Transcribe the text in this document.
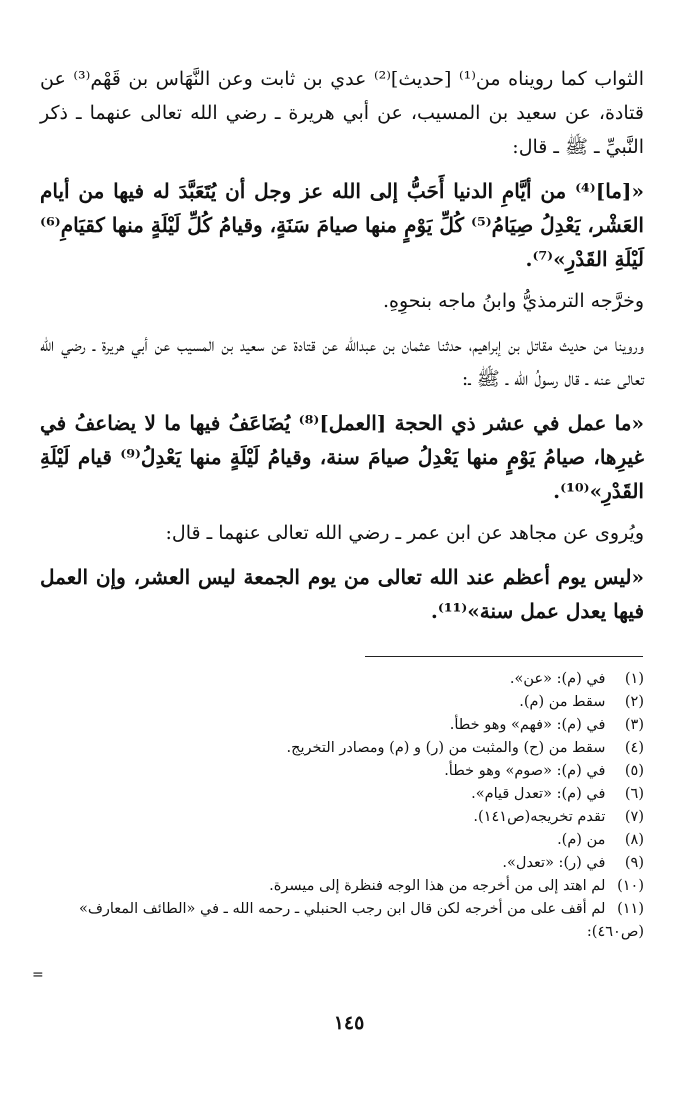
الثواب كما رويناه من⁽¹⁾ [حديث]⁽²⁾ عدي بن ثابت وعن النَّهَاس بن قَهْم⁽³⁾ عن قتادة، عن سعيد بن المسيب، عن أبي هريرة ـ رضي الله تعالى عنهما ـ ذكر النَّبيِّ ـ ﷺ ـ قال:

«[ما]⁽⁴⁾ من أيَّامِ الدنيا أَحَبُّ إلى الله عز وجل أن يُتَعَبَّدَ له فيها من أيام العَشْر، يَعْدِلُ صِيَامُ⁽⁵⁾ كُلِّ يَوْمٍ منها صيامَ سَنَةٍ، وقيامُ كُلِّ لَيْلَةٍ منها كقيَامِ⁽⁶⁾ لَيْلَةِ القَدْرِ»⁽⁷⁾.

وخرَّجه الترمذيُّ وابنُ ماجه بنحوِهِ.

وروينا من حديث مقاتل بن إبراهيم، حدثنا عثمان بن عبدالله عن قتادة عن سعيد بن المسيب عن أبي هريرة ـ رضي الله تعالى عنه ـ قال رسولُ الله ـ ﷺ ـ:

«ما عمل في عشر ذي الحجة [العمل]⁽⁸⁾ يُضَاعَفُ فيها ما لا يضاعفُ في غيرِها، صيامُ يَوْمٍ منها يَعْدِلُ صيامَ سنة، وقيامُ لَيْلَةٍ منها يَعْدِلُ⁽⁹⁾ قيام لَيْلَةِ القَدْرِ»⁽¹⁰⁾.

ويُروى عن مجاهد عن ابن عمر ـ رضي الله تعالى عنهما ـ قال:

«ليس يوم أعظم عند الله تعالى من يوم الجمعة ليس العشر، وإن العمل فيها يعدل عمل سنة»⁽¹¹⁾.

(١) في (م): «عن».
(٢) سقط من (م).
(٣) في (م): «فهم» وهو خطأ.
(٤) سقط من (ح) والمثبت من (ر) و (م) ومصادر التخريج.
(٥) في (م): «صوم» وهو خطأ.
(٦) في (م): «تعدل قيام».
(٧) تقدم تخريجه(ص١٤١).
(٨) من (م).
(٩) في (ر): «تعدل».
(١٠) لم اهتد إلى من أخرجه من هذا الوجه فنظرة إلى ميسرة.
(١١) لم أقف على من أخرجه لكن قال ابن رجب الحنبلي ـ رحمه الله ـ في «الطائف المعارف» (ص٤٦٠):
=
١٤٥
